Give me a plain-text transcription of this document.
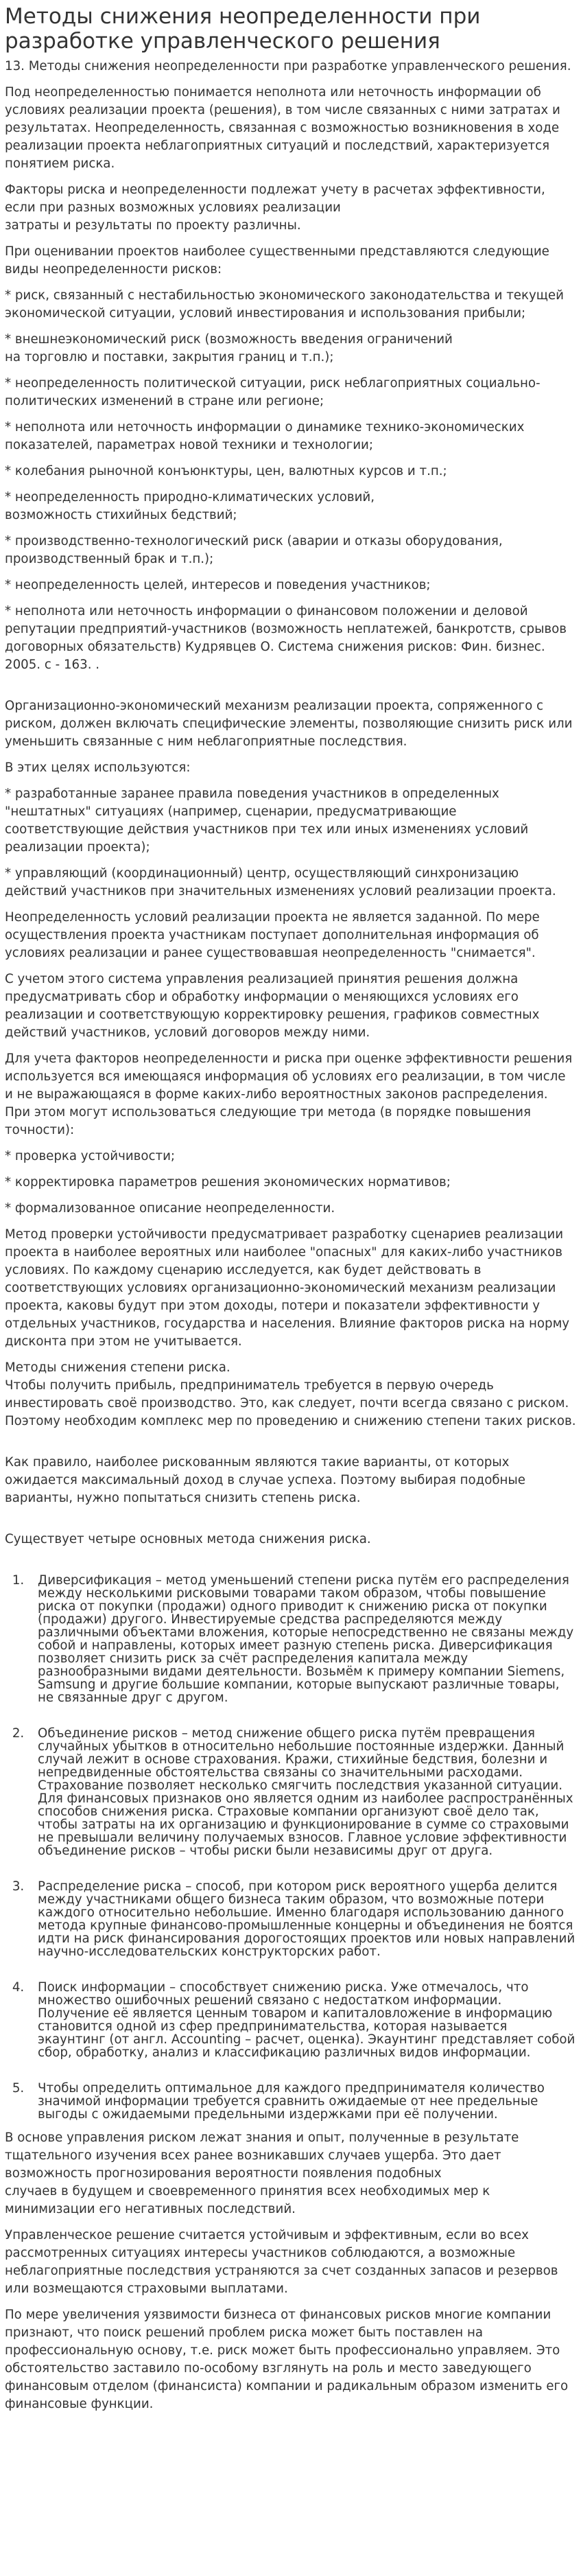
Методы снижения неопределенности при разработке управленческого решения
13. Методы снижения неопределенности при разработке управленческого решения.
Под неопределенностью понимается неполнота или неточность информации об условиях реализации проекта (решения), в том числе связанных с ними затратах и результатах. Неопределенность, связанная с возможностью возникновения в ходе реализации проекта неблагоприятных ситуаций и последствий, характеризуется понятием риска.
Факторы риска и неопределенности подлежат учету в расчетах эффективности, если при разных возможных условиях реализации
затраты и результаты по проекту различны.
При оценивании проектов наиболее существенными представляются следующие виды неопределенности рисков:
* риск, связанный с нестабильностью экономического законодательства и текущей экономической ситуации, условий инвестирования и использования прибыли;
* внешнеэкономический риск (возможность введения ограничений
на торговлю и поставки, закрытия границ и т.п.);
* неопределенность политической ситуации, риск неблагоприятных социально-политических изменений в стране или регионе;
* неполнота или неточность информации о динамике технико-экономических показателей, параметрах новой техники и технологии;
* колебания рыночной конъюнктуры, цен, валютных курсов и т.п.;
* неопределенность природно-климатических условий,
возможность стихийных бедствий;
* производственно-технологический риск (аварии и отказы оборудования, производственный брак и т.п.);
* неопределенность целей, интересов и поведения участников;
* неполнота или неточность информации о финансовом положении и деловой репутации предприятий-участников (возможность неплатежей, банкротств, срывов договорных обязательств) Кудрявцев О. Система снижения рисков: Фин. бизнес. 2005. с - 163. .
Организационно-экономический механизм реализации проекта, сопряженного с риском, должен включать специфические элементы, позволяющие снизить риск или уменьшить связанные с ним неблагоприятные последствия.
В этих целях используются:
* разработанные заранее правила поведения участников в определенных "нештатных" ситуациях (например, сценарии, предусматривающие соответствующие действия участников при тех или иных изменениях условий реализации проекта);
* управляющий (координационный) центр, осуществляющий синхронизацию действий участников при значительных изменениях условий реализации проекта.
Неопределенность условий реализации проекта не является заданной. По мере осуществления проекта участникам поступает дополнительная информация об условиях реализации и ранее существовавшая неопределенность "снимается".
С учетом этого система управления реализацией принятия решения должна предусматривать сбор и обработку информации о меняющихся условиях его реализации и соответствующую корректировку решения, графиков совместных действий участников, условий договоров между ними.
Для учета факторов неопределенности и риска при оценке эффективности решения используется вся имеющаяся информация об условиях его реализации, в том числе и не выражающаяся в форме каких-либо вероятностных законов распределения. При этом могут использоваться следующие три метода (в порядке повышения точности):
* проверка устойчивости;
* корректировка параметров решения экономических нормативов;
* формализованное описание неопределенности.
Метод проверки устойчивости предусматривает разработку сценариев реализации проекта в наиболее вероятных или наиболее "опасных" для каких-либо участников условиях. По каждому сценарию исследуется, как будет действовать в соответствующих условиях организационно-экономический механизм реализации проекта, каковы будут при этом доходы, потери и показатели эффективности у отдельных участников, государства и населения. Влияние факторов риска на норму дисконта при этом не учитывается.
Методы снижения степени риска.
Чтобы получить прибыль, предприниматель требуется в первую очередь инвестировать своё производство. Это, как следует, почти всегда связано с риском. Поэтому необходим комплекс мер по проведению и снижению степени таких рисков.
Как правило, наиболее рискованным являются такие варианты, от которых ожидается максимальный доход в случае успеха. Поэтому выбирая подобные варианты, нужно попытаться снизить степень риска.
Существует четыре основных метода снижения риска.
1. Диверсификация – метод уменьшений степени риска путём его распределения между несколькими рисковыми товарами таком образом, чтобы повышение риска от покупки (продажи) одного приводит к снижению риска от покупки (продажи) другого. Инвестируемые средства распределяются между различными объектами вложения, которые непосредственно не связаны между собой и направлены, которых имеет разную степень риска. Диверсификация позволяет снизить риск за счёт распределения капитала между разнообразными видами деятельности. Возьмём к примеру компании Siemens, Samsung и другие большие компании, которые выпускают различные товары, не связанные друг с другом.
2. Объединение рисков – метод снижение общего риска путём превращения случайных убытков в относительно небольшие постоянные издержки. Данный случай лежит в основе страхования. Кражи, стихийные бедствия, болезни и непредвиденные обстоятельства связаны со значительными расходами. Страхование позволяет несколько смягчить последствия указанной ситуации. Для финансовых признаков оно является одним из наиболее распространённых способов снижения риска. Страховые компании организуют своё дело так, чтобы затраты на их организацию и функционирование в сумме со страховыми не превышали величину получаемых взносов. Главное условие эффективности объединение рисков – чтобы риски были независимы друг от друга.
3. Распределение риска – способ, при котором риск вероятного ущерба делится между участниками общего бизнеса таким образом, что возможные потери каждого относительно небольшие. Именно благодаря использованию данного метода крупные финансово-промышленные концерны и объединения не боятся идти на риск финансирования дорогостоящих проектов или новых направлений научно-исследовательских конструкторских работ.
4. Поиск информации – способствует снижению риска. Уже отмечалось, что множество ошибочных решений связано с недостатком информации. Получение её является ценным товаром и капиталовложение в информацию становится одной из сфер предпринимательства, которая называется экаунтинг (от англ. Accounting – расчет, оценка). Экаунтинг представляет собой сбор, обработку, анализ и классификацию различных видов информации.
5. Чтобы определить оптимальное для каждого предпринимателя количество значимой информации требуется сравнить ожидаемые от нее предельные выгоды с ожидаемыми предельными издержками при её получении.
В основе управления риском лежат знания и опыт, полученные в результате тщательного изучения всех ранее возникавших случаев ущерба. Это дает возможность прогнозирования вероятности появления подобных
случаев в будущем и своевременного принятия всех необходимых мер к минимизации его негативных последствий.
Управленческое решение считается устойчивым и эффективным, если во всех рассмотренных ситуациях интересы участников соблюдаются, а возможные неблагоприятные последствия устраняются за счет созданных запасов и резервов или возмещаются страховыми выплатами.
По мере увеличения уязвимости бизнеса от финансовых рисков многие компании признают, что поиск решений проблем риска может быть поставлен на профессиональную основу, т.е. риск может быть профессионально управляем. Это обстоятельство заставило по-особому взглянуть на роль и место заведующего финансовым отделом (финансиста) компании и радикальным образом изменить его финансовые функции.
